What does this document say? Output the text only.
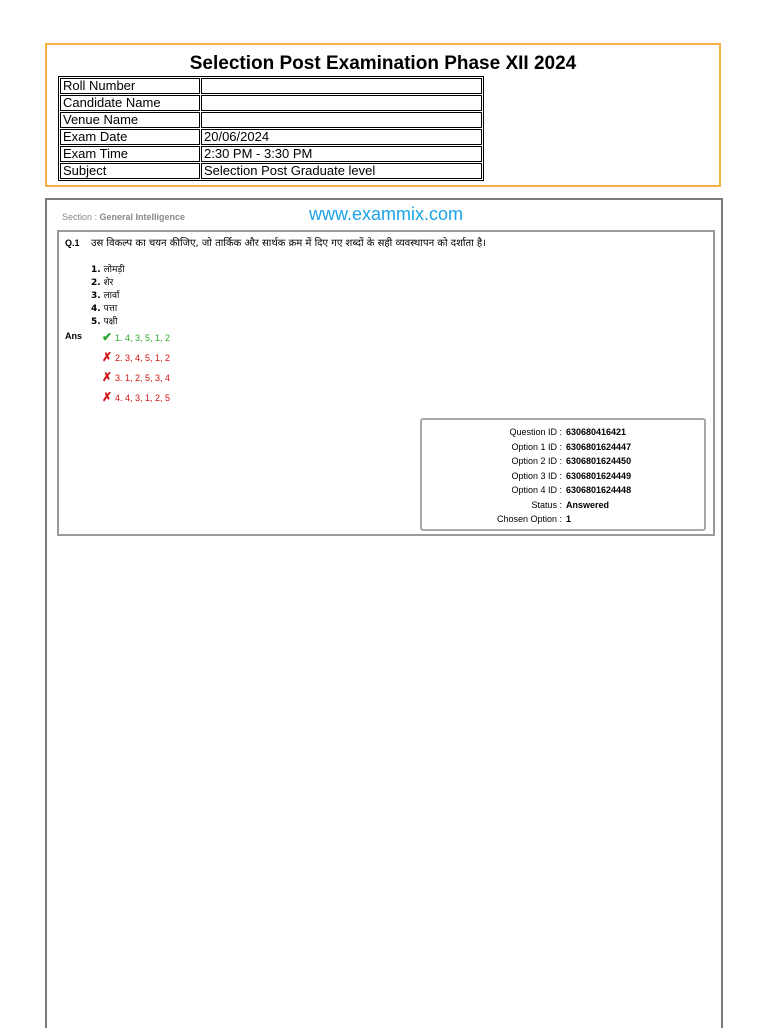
Selection Post Examination Phase XII 2024
Roll Number	
Candidate Name	
Venue Name	
Exam Date	20/06/2024
Exam Time	2:30 PM - 3:30 PM
Subject	Selection Post Graduate level
Section : General Intelligence	www.exammix.com
Q.1 उस विकल्प का चयन कीजिए, जो तार्किक और सार्थक क्रम में दिए गए शब्दों के सही व्यवस्थापन को दर्शाता है।
1. लोमड़ी
2. शेर
3. लार्वा
4. पत्ता
5. पक्षी
Ans ✔ 1. 4, 3, 5, 1, 2
✗ 2. 3, 4, 5, 1, 2
✗ 3. 1, 2, 5, 3, 4
✗ 4. 4, 3, 1, 2, 5
Question ID : 630680416421
Option 1 ID : 6306801624447
Option 2 ID : 6306801624450
Option 3 ID : 6306801624449
Option 4 ID : 6306801624448
Status : Answered
Chosen Option : 1
